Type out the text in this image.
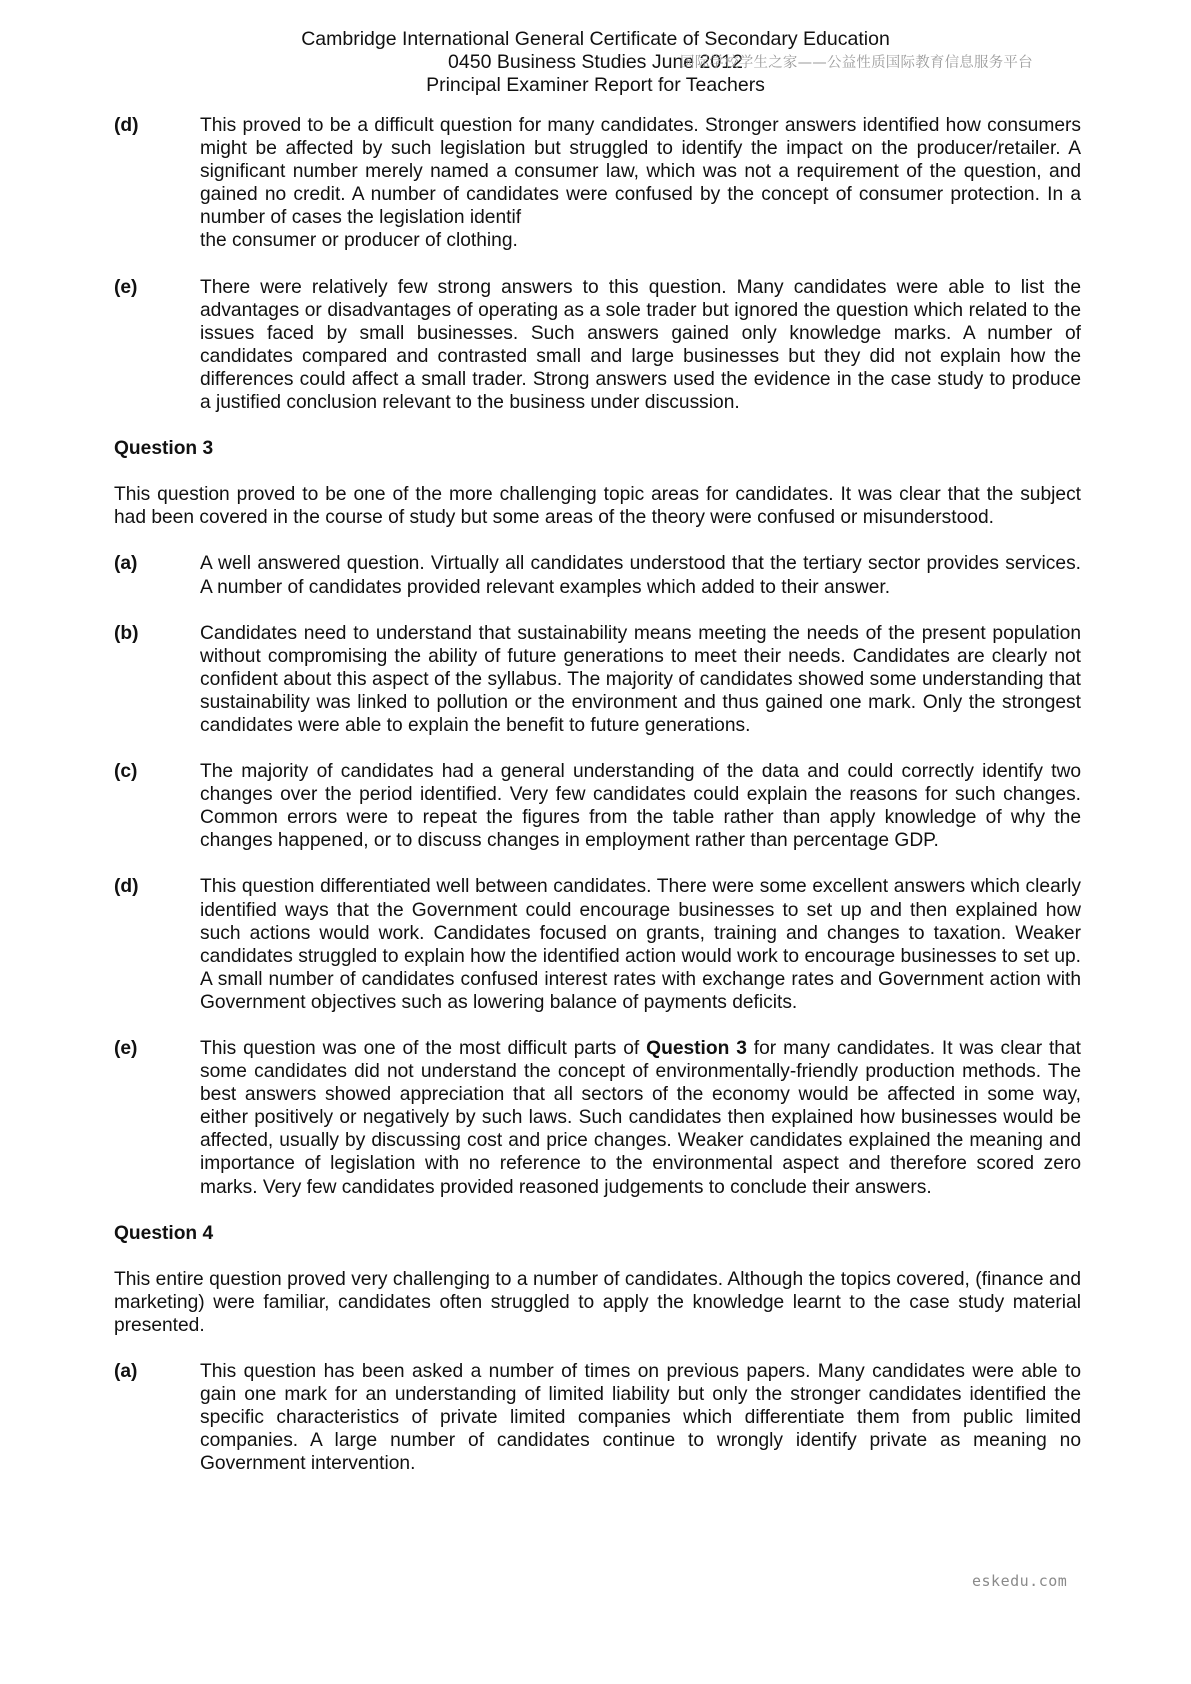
Cambridge International General Certificate of Secondary Education
0450 Business Studies June 2012
Principal Examiner Report for Teachers
国际学校学生之家——公益性质国际教育信息服务平台
(d)	This proved to be a difficult question for many candidates. Stronger answers identified how consumers might be affected by such legislation but struggled to identify the impact on the producer/retailer. A significant number merely named a consumer law, which was not a requirement of the question, and gained no credit. A number of candidates were confused by the concept of consumer protection. In a number of cases the legislation identif
the consumer or producer of clothing.
(e)	There were relatively few strong answers to this question. Many candidates were able to list the advantages or disadvantages of operating as a sole trader but ignored the question which related to the issues faced by small businesses. Such answers gained only knowledge marks. A number of candidates compared and contrasted small and large businesses but they did not explain how the differences could affect a small trader. Strong answers used the evidence in the case study to produce a justified conclusion relevant to the business under discussion.
Question 3
This question proved to be one of the more challenging topic areas for candidates. It was clear that the subject had been covered in the course of study but some areas of the theory were confused or misunderstood.
(a)	A well answered question. Virtually all candidates understood that the tertiary sector provides services. A number of candidates provided relevant examples which added to their answer.
(b)	Candidates need to understand that sustainability means meeting the needs of the present population without compromising the ability of future generations to meet their needs. Candidates are clearly not confident about this aspect of the syllabus. The majority of candidates showed some understanding that sustainability was linked to pollution or the environment and thus gained one mark. Only the strongest candidates were able to explain the benefit to future generations.
(c)	The majority of candidates had a general understanding of the data and could correctly identify two changes over the period identified. Very few candidates could explain the reasons for such changes. Common errors were to repeat the figures from the table rather than apply knowledge of why the changes happened, or to discuss changes in employment rather than percentage GDP.
(d)	This question differentiated well between candidates. There were some excellent answers which clearly identified ways that the Government could encourage businesses to set up and then explained how such actions would work. Candidates focused on grants, training and changes to taxation. Weaker candidates struggled to explain how the identified action would work to encourage businesses to set up. A small number of candidates confused interest rates with exchange rates and Government action with Government objectives such as lowering balance of payments deficits.
(e)	This question was one of the most difficult parts of Question 3 for many candidates. It was clear that some candidates did not understand the concept of environmentally-friendly production methods. The best answers showed appreciation that all sectors of the economy would be affected in some way, either positively or negatively by such laws. Such candidates then explained how businesses would be affected, usually by discussing cost and price changes. Weaker candidates explained the meaning and importance of legislation with no reference to the environmental aspect and therefore scored zero marks. Very few candidates provided reasoned judgements to conclude their answers.
Question 4
This entire question proved very challenging to a number of candidates. Although the topics covered, (finance and marketing) were familiar, candidates often struggled to apply the knowledge learnt to the case study material presented.
(a)	This question has been asked a number of times on previous papers. Many candidates were able to gain one mark for an understanding of limited liability but only the stronger candidates identified the specific characteristics of private limited companies which differentiate them from public limited companies. A large number of candidates continue to wrongly identify private as meaning no Government intervention.
eskedu.com
